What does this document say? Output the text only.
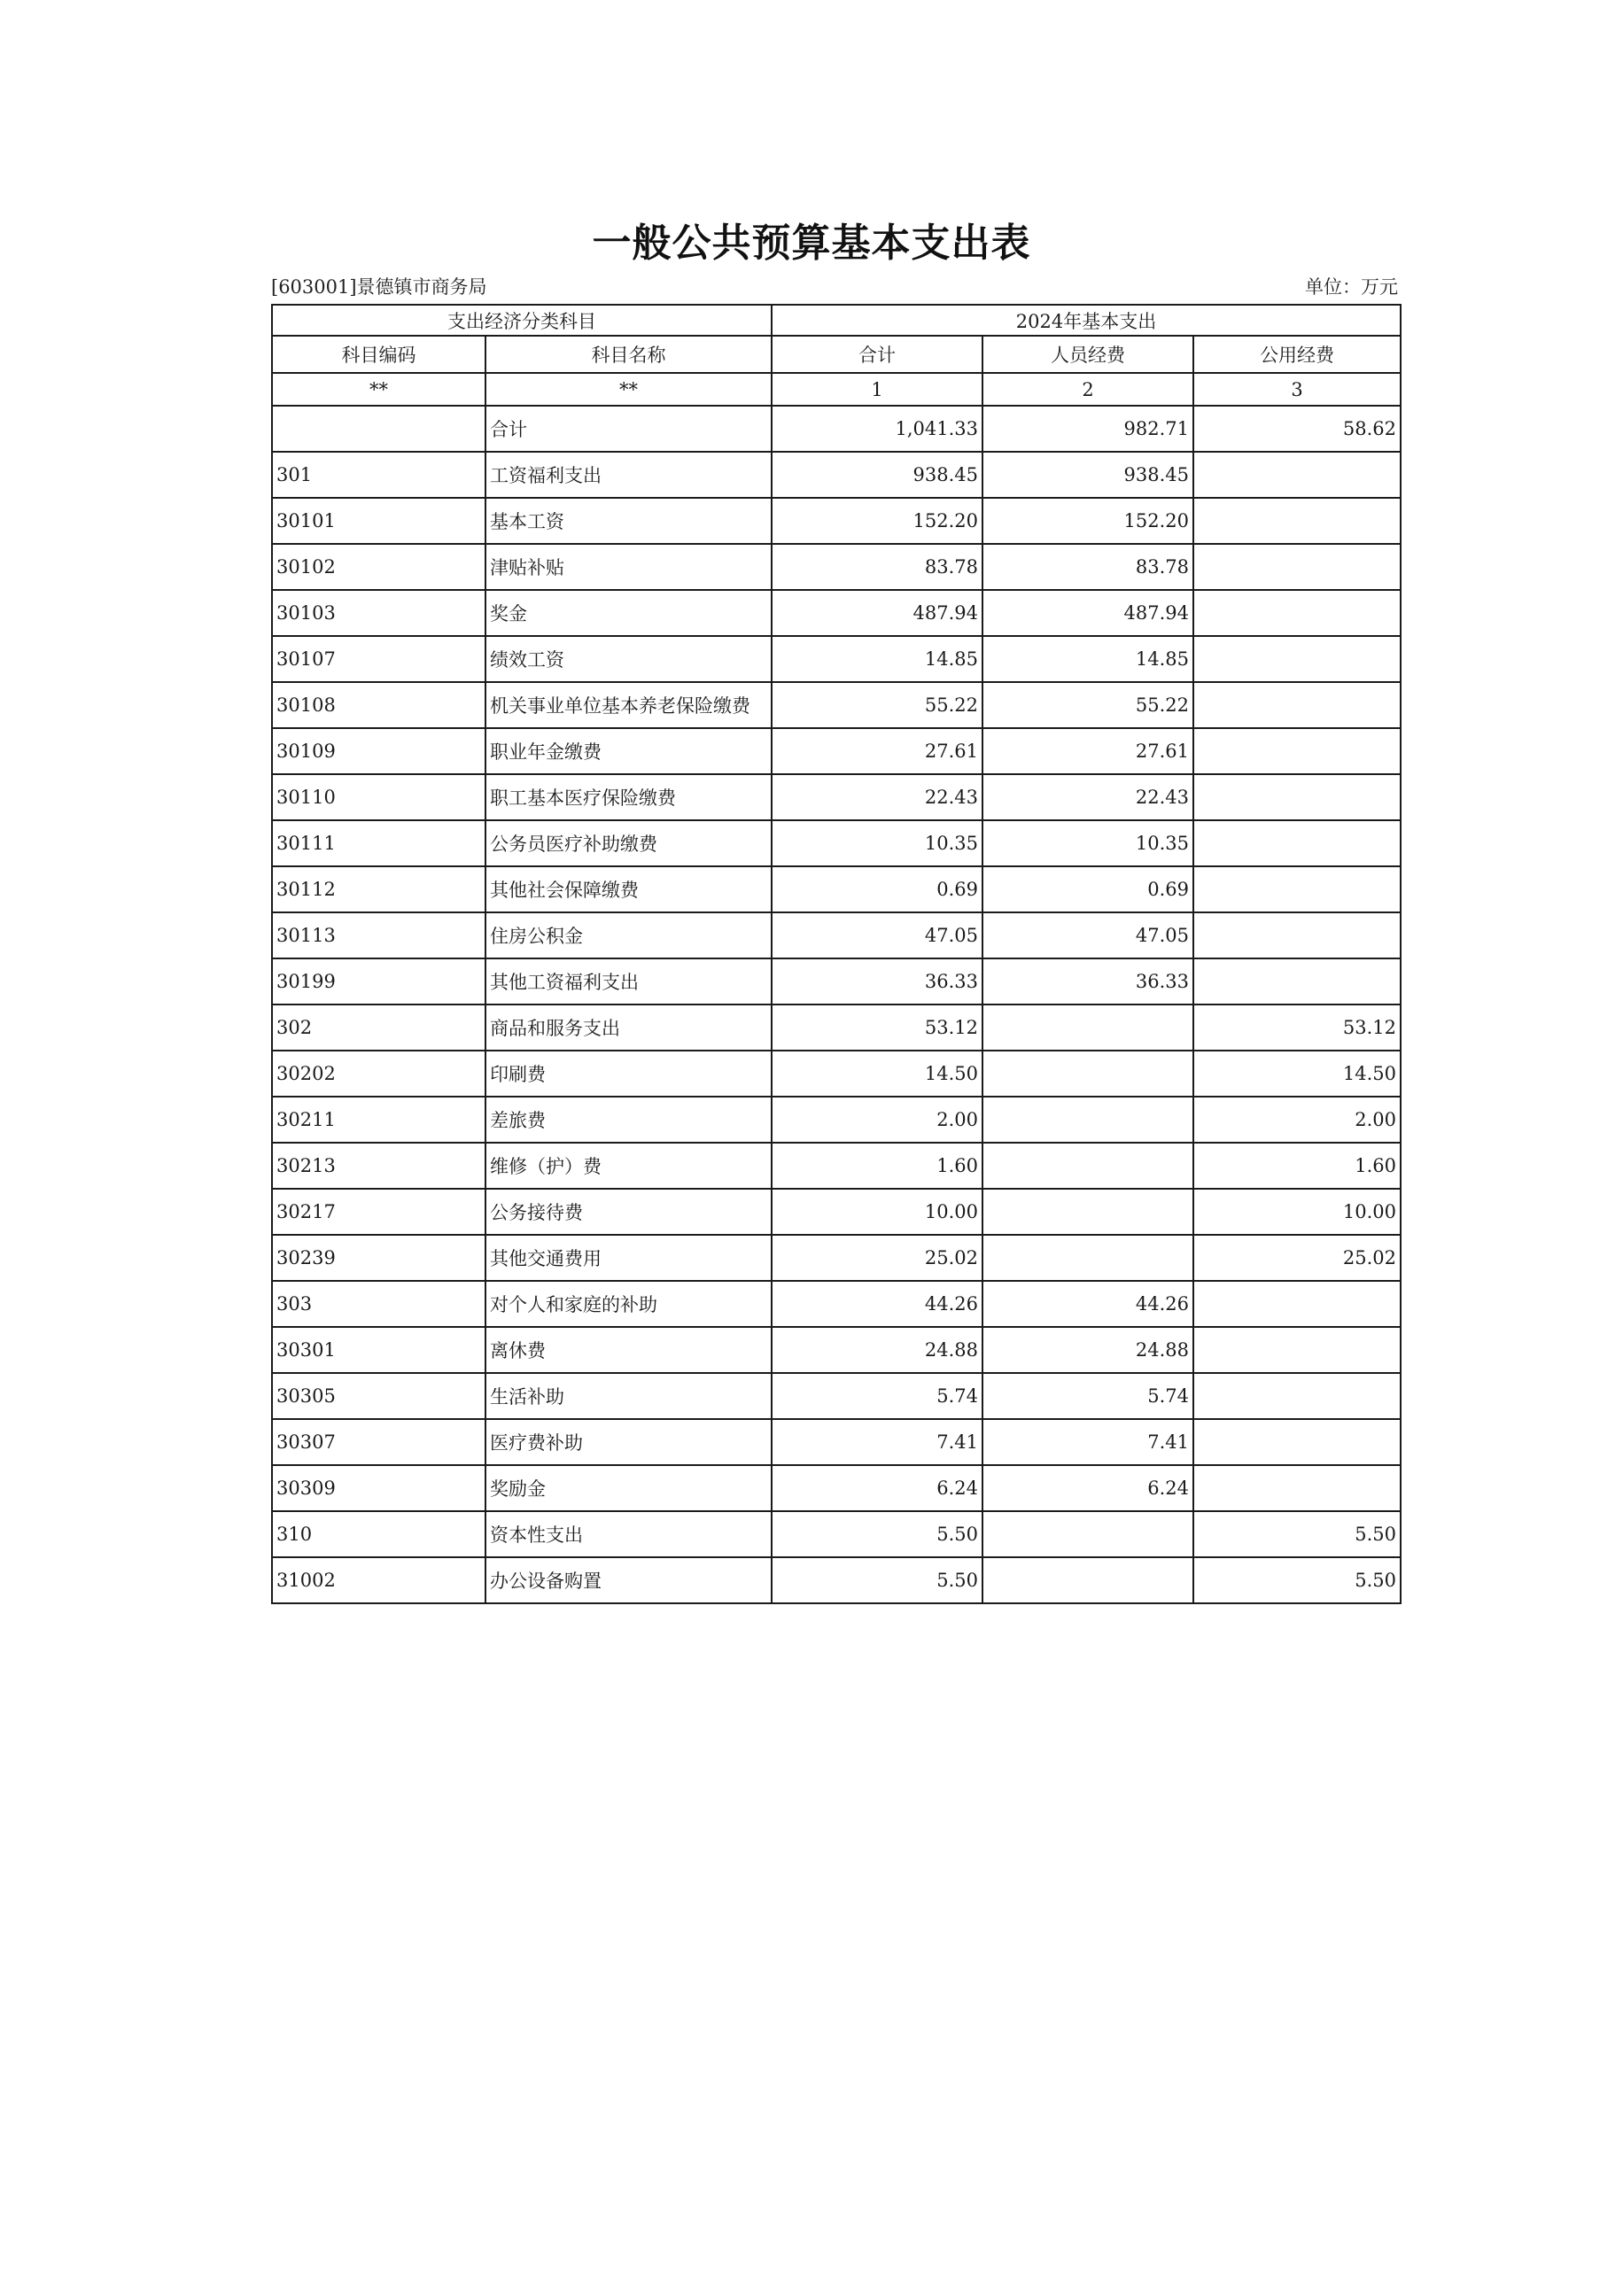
一般公共预算基本支出表
[603001]景德镇市商务局	单位：万元
支出经济分类科目		2024年基本支出		
科目编码	科目名称	合计	人员经费	公用经费
**	**	1	2	3
	合计	1,041.33	982.71	58.62
301	工资福利支出	938.45	938.45	
30101	基本工资	152.20	152.20	
30102	津贴补贴	83.78	83.78	
30103	奖金	487.94	487.94	
30107	绩效工资	14.85	14.85	
30108	机关事业单位基本养老保险缴费	55.22	55.22	
30109	职业年金缴费	27.61	27.61	
30110	职工基本医疗保险缴费	22.43	22.43	
30111	公务员医疗补助缴费	10.35	10.35	
30112	其他社会保障缴费	0.69	0.69	
30113	住房公积金	47.05	47.05	
30199	其他工资福利支出	36.33	36.33	
302	商品和服务支出	53.12		53.12
30202	印刷费	14.50		14.50
30211	差旅费	2.00		2.00
30213	维修（护）费	1.60		1.60
30217	公务接待费	10.00		10.00
30239	其他交通费用	25.02		25.02
303	对个人和家庭的补助	44.26	44.26	
30301	离休费	24.88	24.88	
30305	生活补助	5.74	5.74	
30307	医疗费补助	7.41	7.41	
30309	奖励金	6.24	6.24	
310	资本性支出	5.50		5.50
31002	办公设备购置	5.50		5.50
